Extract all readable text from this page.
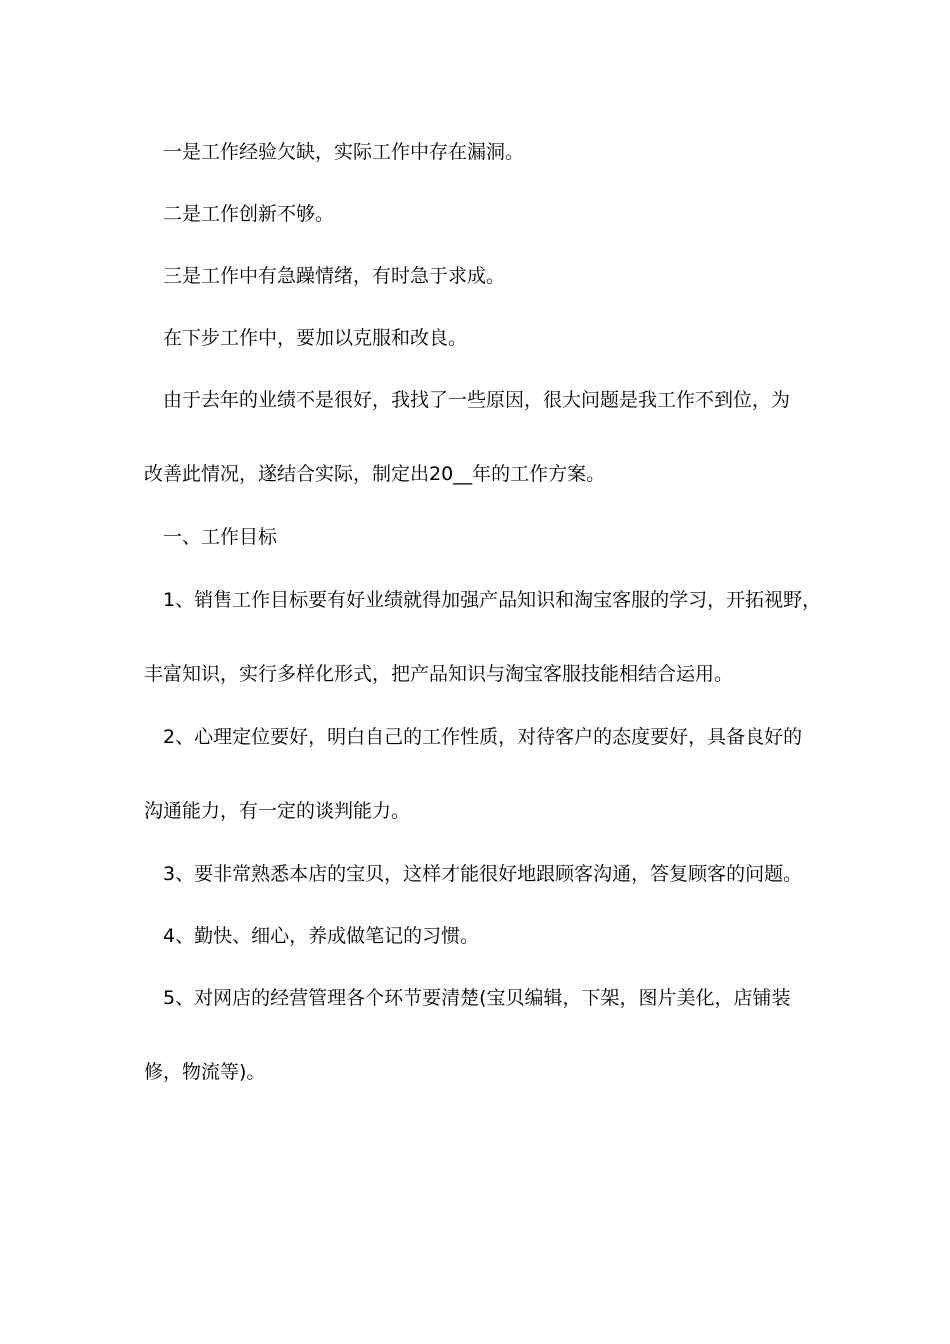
一是工作经验欠缺，实际工作中存在漏洞。
二是工作创新不够。
三是工作中有急躁情绪，有时急于求成。
在下步工作中，要加以克服和改良。
由于去年的业绩不是很好，我找了一些原因，很大问题是我工作不到位，为
改善此情况，遂结合实际，制定出20__年的工作方案。
一、工作目标
1、销售工作目标要有好业绩就得加强产品知识和淘宝客服的学习，开拓视野，
丰富知识，实行多样化形式，把产品知识与淘宝客服技能相结合运用。
2、心理定位要好，明白自己的工作性质，对待客户的态度要好，具备良好的
沟通能力，有一定的谈判能力。
3、要非常熟悉本店的宝贝，这样才能很好地跟顾客沟通，答复顾客的问题。
4、勤快、细心，养成做笔记的习惯。
5、对网店的经营管理各个环节要清楚(宝贝编辑，下架，图片美化，店铺装
修，物流等)。
